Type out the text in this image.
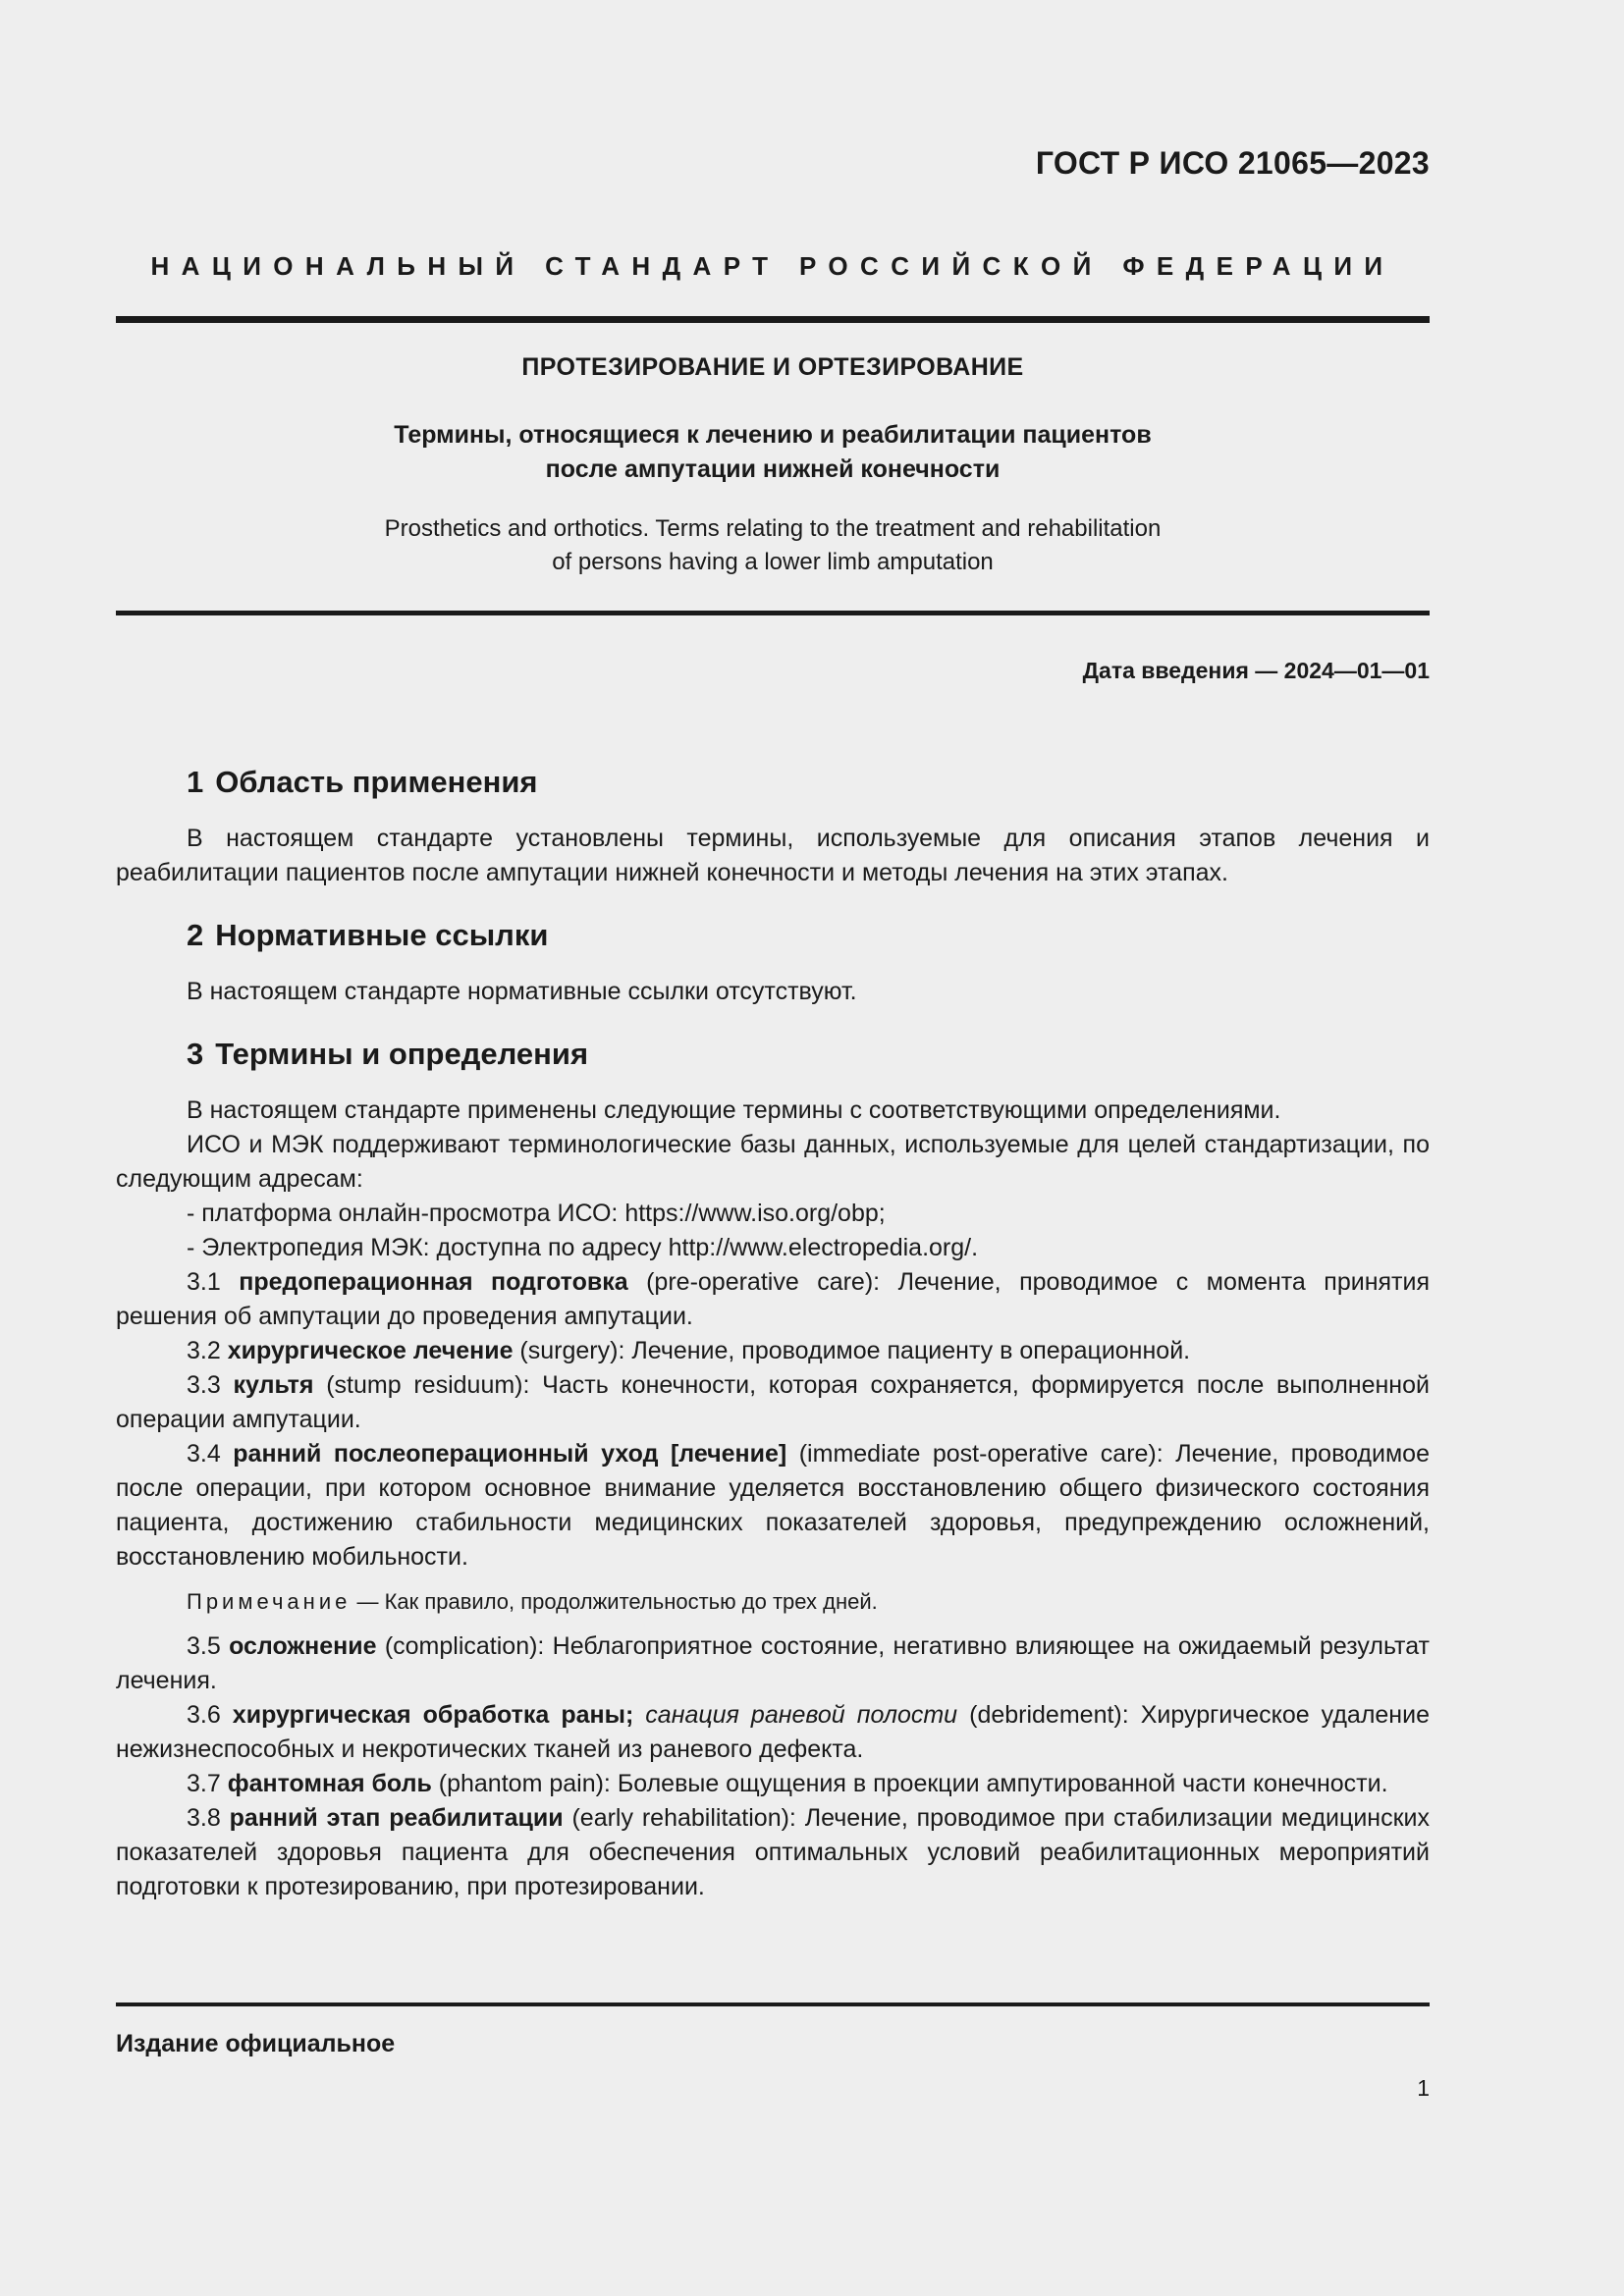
ГОСТ Р ИСО 21065—2023
НАЦИОНАЛЬНЫЙ СТАНДАРТ РОССИЙСКОЙ ФЕДЕРАЦИИ
ПРОТЕЗИРОВАНИЕ И ОРТЕЗИРОВАНИЕ
Термины, относящиеся к лечению и реабилитации пациентов
после ампутации нижней конечности
Prosthetics and orthotics. Terms relating to the treatment and rehabilitation
of persons having a lower limb amputation
Дата введения — 2024—01—01
1 Область применения

В настоящем стандарте установлены термины, используемые для описания этапов лечения и реабилитации пациентов после ампутации нижней конечности и методы лечения на этих этапах.

2 Нормативные ссылки

В настоящем стандарте нормативные ссылки отсутствуют.

3 Термины и определения

В настоящем стандарте применены следующие термины с соответствующими определениями.

ИСО и МЭК поддерживают терминологические базы данных, используемые для целей стандартизации, по следующим адресам:

- платформа онлайн-просмотра ИСО: https://www.iso.org/obp;

- Электропедия МЭК: доступна по адресу http://www.electropedia.org/.

3.1 предоперационная подготовка (pre-operative care): Лечение, проводимое с момента принятия решения об ампутации до проведения ампутации.

3.2 хирургическое лечение (surgery): Лечение, проводимое пациенту в операционной.

3.3 культя (stump residuum): Часть конечности, которая сохраняется, формируется после выполненной операции ампутации.

3.4 ранний послеоперационный уход [лечение] (immediate post-operative care): Лечение, проводимое после операции, при котором основное внимание уделяется восстановлению общего физического состояния пациента, достижению стабильности медицинских показателей здоровья, предупреждению осложнений, восстановлению мобильности.

Примечание — Как правило, продолжительностью до трех дней.

3.5 осложнение (complication): Неблагоприятное состояние, негативно влияющее на ожидаемый результат лечения.

3.6 хирургическая обработка раны; санация раневой полости (debridement): Хирургическое удаление нежизнеспособных и некротических тканей из раневого дефекта.

3.7 фантомная боль (phantom pain): Болевые ощущения в проекции ампутированной части конечности.

3.8 ранний этап реабилитации (early rehabilitation): Лечение, проводимое при стабилизации медицинских показателей здоровья пациента для обеспечения оптимальных условий реабилитационных мероприятий подготовки к протезированию, при протезировании.

Издание официальное
1
